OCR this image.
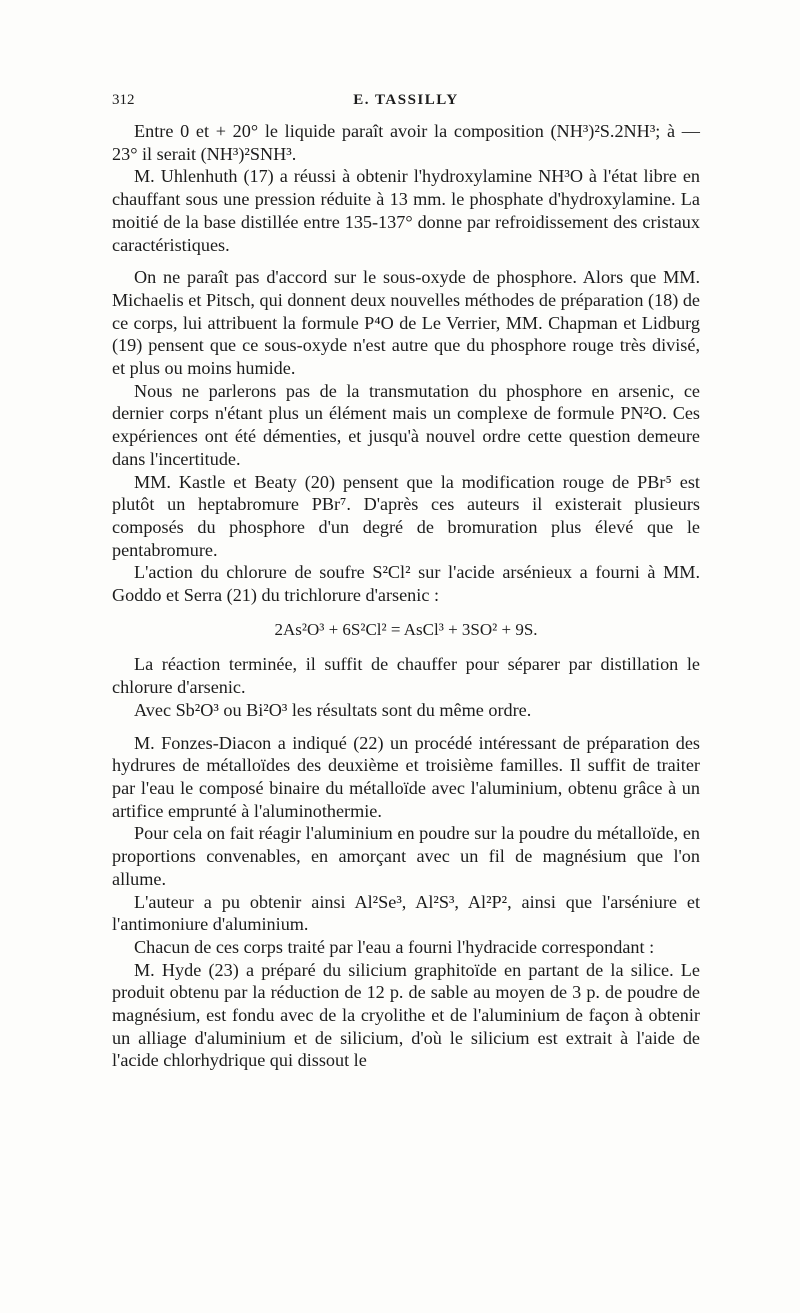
312	E. TASSILLY

Entre 0 et + 20° le liquide paraît avoir la composition (NH³)²S.2NH³; à — 23° il serait (NH³)²SNH³.

M. Uhlenhuth (17) a réussi à obtenir l'hydroxylamine NH³O à l'état libre en chauffant sous une pression réduite à 13 mm. le phosphate d'hydroxylamine. La moitié de la base distillée entre 135-137° donne par refroidissement des cristaux caractéristiques.

On ne paraît pas d'accord sur le sous-oxyde de phosphore. Alors que MM. Michaelis et Pitsch, qui donnent deux nouvelles méthodes de préparation (18) de ce corps, lui attribuent la formule P⁴O de Le Verrier, MM. Chapman et Lidburg (19) pensent que ce sous-oxyde n'est autre que du phosphore rouge très divisé, et plus ou moins humide.

Nous ne parlerons pas de la transmutation du phosphore en arsenic, ce dernier corps n'étant plus un élément mais un complexe de formule PN²O. Ces expériences ont été démenties, et jusqu'à nouvel ordre cette question demeure dans l'incertitude.

MM. Kastle et Beaty (20) pensent que la modification rouge de PBr⁵ est plutôt un heptabromure PBr⁷. D'après ces auteurs il existerait plusieurs composés du phosphore d'un degré de bromuration plus élevé que le pentabromure.

L'action du chlorure de soufre S²Cl² sur l'acide arsénieux a fourni à MM. Goddo et Serra (21) du trichlorure d'arsenic :

2As²O³ + 6S²Cl² = AsCl³ + 3SO² + 9S.

La réaction terminée, il suffit de chauffer pour séparer par distillation le chlorure d'arsenic.

Avec Sb²O³ ou Bi²O³ les résultats sont du même ordre.

M. Fonzes-Diacon a indiqué (22) un procédé intéressant de préparation des hydrures de métalloïdes des deuxième et troisième familles. Il suffit de traiter par l'eau le composé binaire du métalloïde avec l'aluminium, obtenu grâce à un artifice emprunté à l'aluminothermie.

Pour cela on fait réagir l'aluminium en poudre sur la poudre du métalloïde, en proportions convenables, en amorçant avec un fil de magnésium que l'on allume.

L'auteur a pu obtenir ainsi Al²Se³, Al²S³, Al²P², ainsi que l'arséniure et l'antimoniure d'aluminium.

Chacun de ces corps traité par l'eau a fourni l'hydracide correspondant :

M. Hyde (23) a préparé du silicium graphitoïde en partant de la silice. Le produit obtenu par la réduction de 12 p. de sable au moyen de 3 p. de poudre de magnésium, est fondu avec de la cryolithe et de l'aluminium de façon à obtenir un alliage d'aluminium et de silicium, d'où le silicium est extrait à l'aide de l'acide chlorhydrique qui dissout le
